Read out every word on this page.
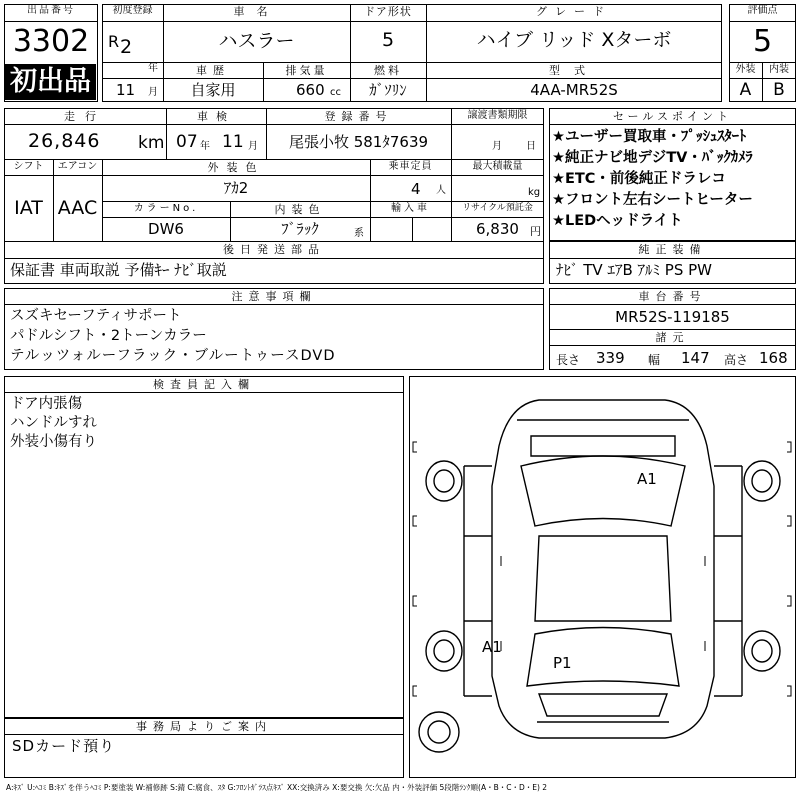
出品番号
3302
初出品
初度登録
R 2
年
11 月
車名
ハスラー
ドア形状
5
グレード
ハイブ リッド Xターボ
車歴
自家用
排気量
660 cc
燃料
ｶﾞｿﾘﾝ
型式
4AA-MR52S
評価点
5
外装	内装
A	B
走行
26,846 km
車検
07 年 11 月
登録番号
尾張小牧 581ﾀ7639
譲渡書類期限
月 日
シフト
IAT
エアコン
AAC
外装色
ｱｶ2
乗車定員
4 人
最大積載量
kg
カラーNo.
DW6
内装色
ﾌﾞﾗｯｸ	系
輸入車	リサイクル預託金
6,830 円
後日発送部品
保証書 車両取説 予備ｷｰ ﾅﾋﾞ取説
セールスポイント
★ユーザー買取車・ﾌﾟｯｼｭｽﾀｰﾄ
★純正ナビ地デジTV・ﾊﾞｯｸｶﾒﾗ
★ETC・前後純正ドラレコ
★フロント左右シートヒーター
★LEDヘッドライト
純正装備
ﾅﾋﾞ TV ｴｱB ｱﾙﾐ PS PW
注意事項欄
スズキセーフティサポート
パドルシフト・2トーンカラー
テルッツォルーフラック・ブルートゥースDVD
車台番号
MR52S-119185
諸元
長さ 339 幅 147 高さ 168
検査員記入欄
ドア内張傷
ハンドルすれ
外装小傷有り
事務局よりご案内
SDカード預り
A1
A1
P1
A:ｷｽﾞ U:ﾍｺﾐ B:ｷｽﾞを伴うﾍｺﾐ P:要塗装 W:補修跡 S:錆 C:腐食、ｽﾀ G:ﾌﾛﾝﾄｶﾞﾗｽ点ｷｽﾞ XX:交換済み X:要交換 欠:欠品 内・外装評価 5段階ﾗﾝｸ順(A・B・C・D・E) 2
